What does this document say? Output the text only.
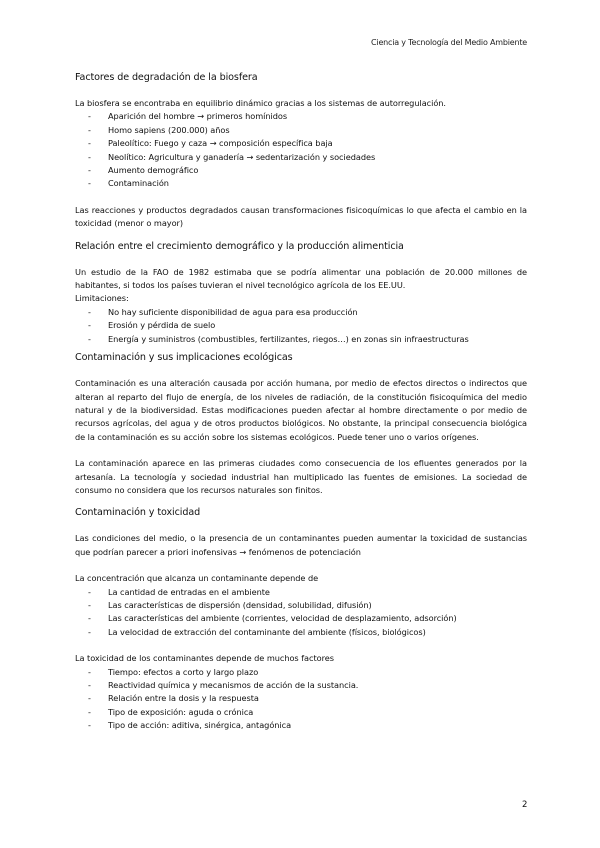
Ciencia y Tecnología del Medio Ambiente
Factores de degradación de la biosfera

La biosfera se encontraba en equilibrio dinámico gracias a los sistemas de autorregulación.

- Aparición del hombre → primeros homínidos
- Homo sapiens (200.000) años
- Paleolítico: Fuego y caza → composición específica baja
- Neolítico: Agricultura y ganadería → sedentarización y sociedades
- Aumento demográfico
- Contaminación

Las reacciones y productos degradados causan transformaciones fisicoquímicas lo que afecta el cambio en la toxicidad (menor o mayor)

Relación entre el crecimiento demográfico y la producción alimenticia

Un estudio de la FAO de 1982 estimaba que se podría alimentar una población de 20.000 millones de habitantes, si todos los países tuvieran el nivel tecnológico agrícola de los EE.UU.

Limitaciones:

- No hay suficiente disponibilidad de agua para esa producción
- Erosión y pérdida de suelo
- Energía y suministros (combustibles, fertilizantes, riegos…) en zonas sin infraestructuras
Contaminación y sus implicaciones ecológicas

Contaminación es una alteración causada por acción humana, por medio de efectos directos o indirectos que alteran al reparto del flujo de energía, de los niveles de radiación, de la constitución fisicoquímica del medio natural y de la biodiversidad. Estas modificaciones pueden afectar al hombre directamente o por medio de recursos agrícolas, del agua y de otros productos biológicos. No obstante, la principal consecuencia biológica de la contaminación es su acción sobre los sistemas ecológicos. Puede tener uno o varios orígenes.

La contaminación aparece en las primeras ciudades como consecuencia de los efluentes generados por la artesanía. La tecnología y sociedad industrial han multiplicado las fuentes de emisiones. La sociedad de consumo no considera que los recursos naturales son finitos.

Contaminación y toxicidad

Las condiciones del medio, o la presencia de un contaminantes pueden aumentar la toxicidad de sustancias que podrían parecer a priori inofensivas → fenómenos de potenciación

La concentración que alcanza un contaminante depende de

- La cantidad de entradas en el ambiente
- Las características de dispersión (densidad, solubilidad, difusión)
- Las características del ambiente (corrientes, velocidad de desplazamiento, adsorción)
- La velocidad de extracción del contaminante del ambiente (físicos, biológicos)

La toxicidad de los contaminantes depende de muchos factores

- Tiempo: efectos a corto y largo plazo
- Reactividad química y mecanismos de acción de la sustancia.
- Relación entre la dosis y la respuesta
- Tipo de exposición: aguda o crónica
- Tipo de acción: aditiva, sinérgica, antagónica
2
